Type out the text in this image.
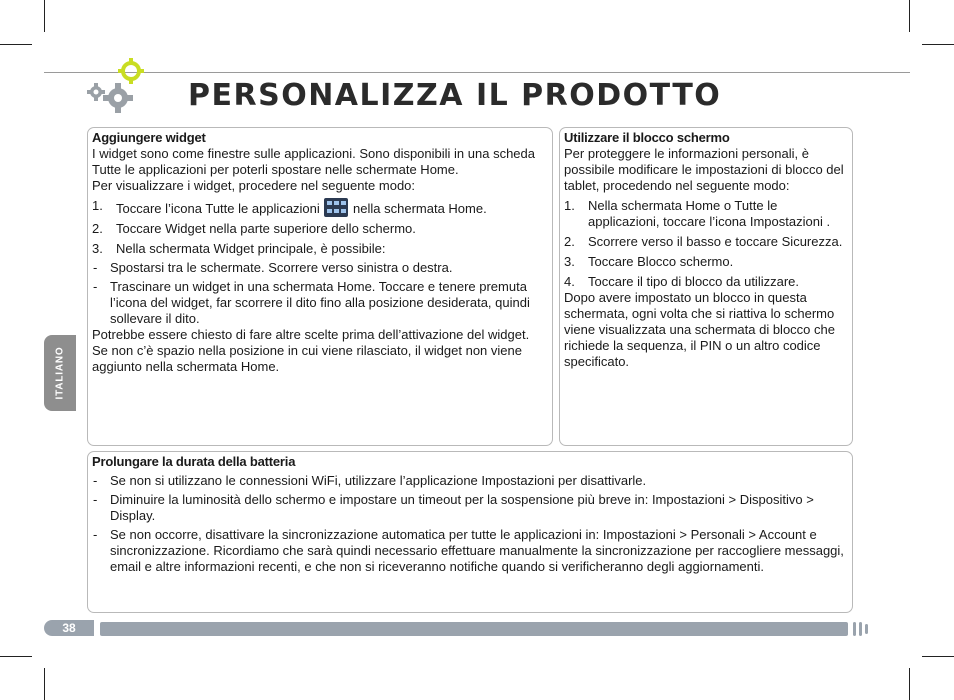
PERSONALIZZA IL PRODOTTO
ITALIANO
Aggiungere widget

I widget sono come finestre sulle applicazioni. Sono disponibili in una scheda Tutte le applicazioni per poterli spostare nelle schermate Home.

Per visualizzare i widget, procedere nel seguente modo:

1. Toccare l’icona Tutte le applicazioni	nella schermata Home.
2. Toccare Widget nella parte superiore dello schermo.
3. Nella schermata Widget principale, è possibile:
- Spostarsi tra le schermate. Scorrere verso sinistra o destra.
- Trascinare un widget in una schermata Home. Toccare e tenere premuta l’icona del widget, far scorrere il dito fino alla posizione desiderata, quindi sollevare il dito.

Potrebbe essere chiesto di fare altre scelte prima dell’attivazione del widget. Se non c’è spazio nella posizione in cui viene rilasciato, il widget non viene aggiunto nella schermata Home.

Utilizzare il blocco schermo

Per proteggere le informazioni personali, è possibile modificare le impostazioni di blocco del tablet, procedendo nel seguente modo:

1. Nella schermata Home o Tutte le applicazioni, toccare l’icona Impostazioni .
2. Scorrere verso il basso e toccare Sicurezza.
3. Toccare Blocco schermo.
4. Toccare il tipo di blocco da utilizzare.

Dopo avere impostato un blocco in questa schermata, ogni volta che si riattiva lo schermo viene visualizzata una schermata di blocco che richiede la sequenza, il PIN o un altro codice specificato.

Prolungare la durata della batteria
- Se non si utilizzano le connessioni WiFi, utilizzare l’applicazione Impostazioni per disattivarle.
- Diminuire la luminosità dello schermo e impostare un timeout per la sospensione più breve in: Impostazioni > Dispositivo > Display.
- Se non occorre, disattivare la sincronizzazione automatica per tutte le applicazioni in: Impostazioni > Personali > Account e sincronizzazione. Ricordiamo che sarà quindi necessario effettuare manualmente la sincronizzazione per raccogliere messaggi, email e altre informazioni recenti, e che non si riceveranno notifiche quando si verificheranno degli aggiornamenti.
38
